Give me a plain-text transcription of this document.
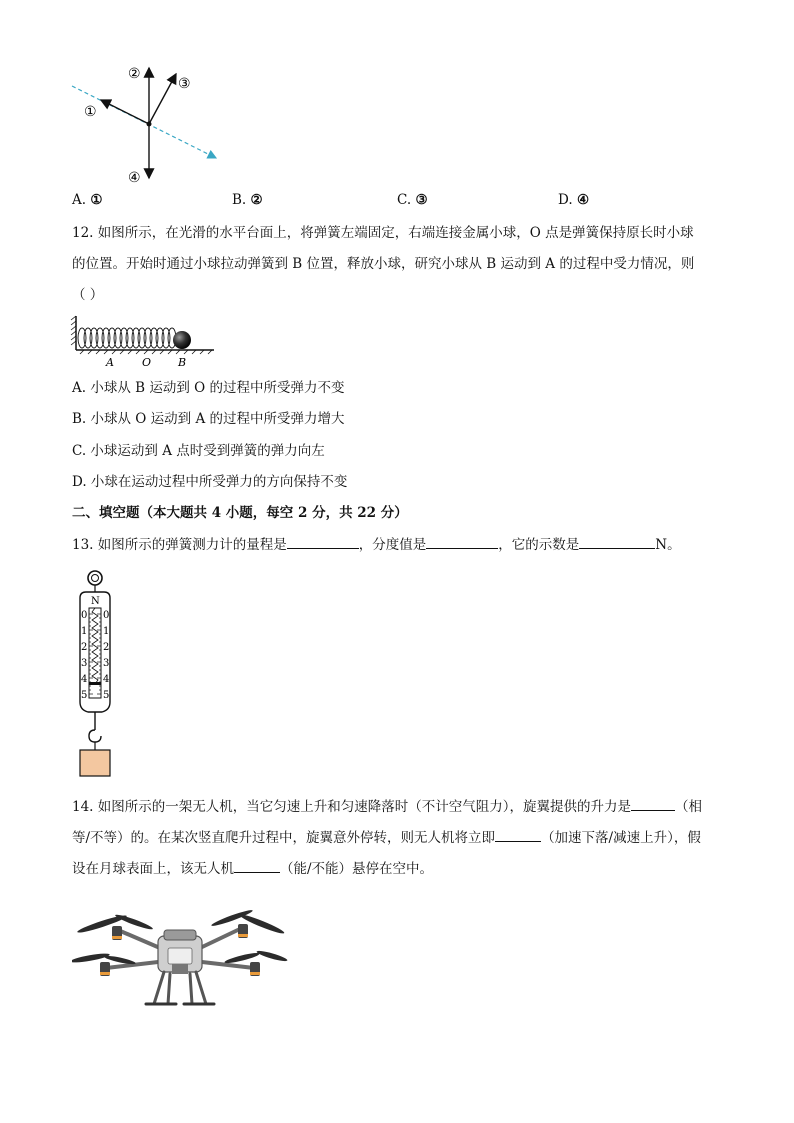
①
②
③
④
A. ①	B. ②	C. ③	D. ④
12. 如图所示，在光滑的水平台面上，将弹簧左端固定，右端连接金属小球，O 点是弹簧保持原长时小球
的位置。开始时通过小球拉动弹簧到 B 位置，释放小球，研究小球从 B 运动到 A 的过程中受力情况，则
（ ）
A	O B
A. 小球从 B 运动到 O 的过程中所受弹力不变
B. 小球从 O 运动到 A 的过程中所受弹力增大
C. 小球运动到 A 点时受到弹簧的弹力向左
D. 小球在运动过程中所受弹力的方向保持不变
二、填空题（本大题共 4 小题，每空 2 分，共 22 分）
13. 如图所示的弹簧测力计的量程是	，分度值是	，它的示数是	N。
N
0
1
2
3
4
5
0
1
2
3
4
5
14. 如图所示的一架无人机，当它匀速上升和匀速降落时（不计空气阻力），旋翼提供的升力是	（相
等/不等）的。在某次竖直爬升过程中，旋翼意外停转，则无人机将立即	（加速下落/减速上升），假
设在月球表面上，该无人机	（能/不能）悬停在空中。
